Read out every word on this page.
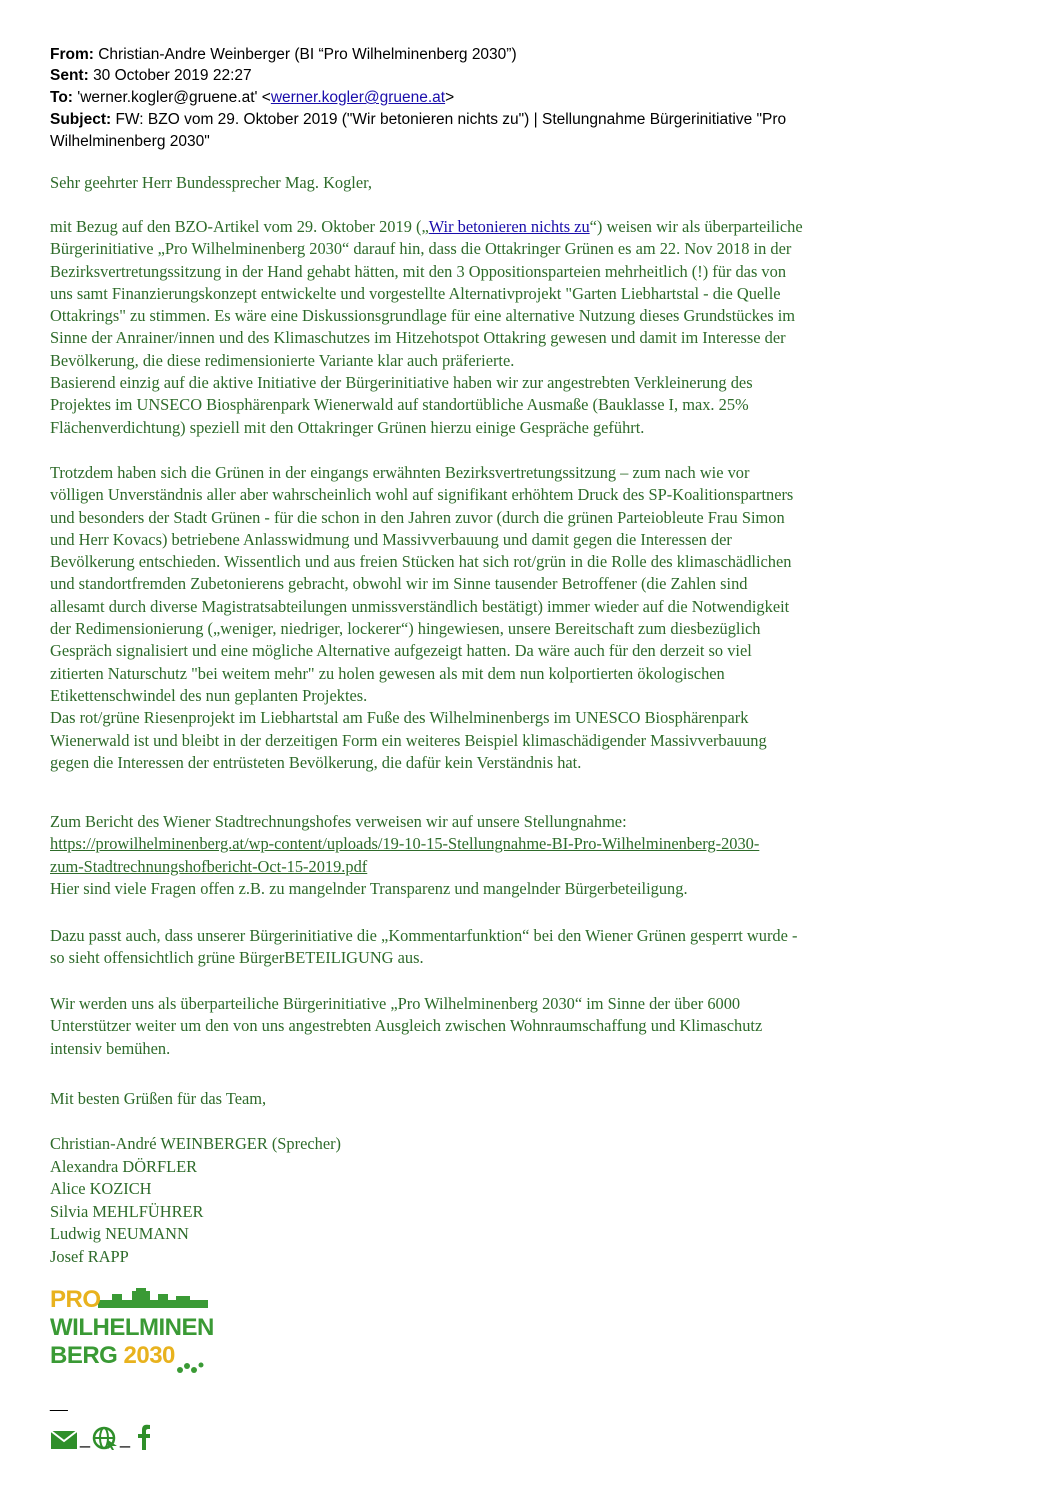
From: Christian-Andre Weinberger (BI “Pro Wilhelminenberg 2030”)
Sent: 30 October 2019 22:27
To: 'werner.kogler@gruene.at' <werner.kogler@gruene.at>
Subject: FW: BZO vom 29. Oktober 2019 ("Wir betonieren nichts zu") | Stellungnahme Bürgerinitiative "Pro
Wilhelminenberg 2030"

Sehr geehrter Herr Bundessprecher Mag. Kogler,

mit Bezug auf den BZO-Artikel vom 29. Oktober 2019 („Wir betonieren nichts zu“) weisen wir als überparteiliche

Bürgerinitiative „Pro Wilhelminenberg 2030“ darauf hin, dass die Ottakringer Grünen es am 22. Nov 2018 in der

Bezirksvertretungssitzung in der Hand gehabt hätten, mit den 3 Oppositionsparteien mehrheitlich (!) für das von

uns samt Finanzierungskonzept entwickelte und vorgestellte Alternativprojekt "Garten Liebhartstal - die Quelle

Ottakrings" zu stimmen. Es wäre eine Diskussionsgrundlage für eine alternative Nutzung dieses Grundstückes im

Sinne der Anrainer/innen und des Klimaschutzes im Hitzehotspot Ottakring gewesen und damit im Interesse der

Bevölkerung, die diese redimensionierte Variante klar auch präferierte.

Basierend einzig auf die aktive Initiative der Bürgerinitiative haben wir zur angestrebten Verkleinerung des

Projektes im UNSECO Biosphärenpark Wienerwald auf standortübliche Ausmaße (Bauklasse I, max. 25%

Flächenverdichtung) speziell mit den Ottakringer Grünen hierzu einige Gespräche geführt.

Trotzdem haben sich die Grünen in der eingangs erwähnten Bezirksvertretungssitzung – zum nach wie vor

völligen Unverständnis aller aber wahrscheinlich wohl auf signifikant erhöhtem Druck des SP-Koalitionspartners

und besonders der Stadt Grünen - für die schon in den Jahren zuvor (durch die grünen Parteiobleute Frau Simon

und Herr Kovacs) betriebene Anlasswidmung und Massivverbauung und damit gegen die Interessen der

Bevölkerung entschieden. Wissentlich und aus freien Stücken hat sich rot/grün in die Rolle des klimaschädlichen

und standortfremden Zubetonierens gebracht, obwohl wir im Sinne tausender Betroffener (die Zahlen sind

allesamt durch diverse Magistratsabteilungen unmissverständlich bestätigt) immer wieder auf die Notwendigkeit

der Redimensionierung („weniger, niedriger, lockerer“) hingewiesen, unsere Bereitschaft zum diesbezüglich

Gespräch signalisiert und eine mögliche Alternative aufgezeigt hatten. Da wäre auch für den derzeit so viel

zitierten Naturschutz "bei weitem mehr" zu holen gewesen als mit dem nun kolportierten ökologischen

Etikettenschwindel des nun geplanten Projektes.

Das rot/grüne Riesenprojekt im Liebhartstal am Fuße des Wilhelminenbergs im UNESCO Biosphärenpark

Wienerwald ist und bleibt in der derzeitigen Form ein weiteres Beispiel klimaschädigender Massivverbauung

gegen die Interessen der entrüsteten Bevölkerung, die dafür kein Verständnis hat.

Zum Bericht des Wiener Stadtrechnungshofes verweisen wir auf unsere Stellungnahme:

https://prowilhelminenberg.at/wp-content/uploads/19-10-15-Stellungnahme-BI-Pro-Wilhelminenberg-2030-

zum-Stadtrechnungshofbericht-Oct-15-2019.pdf

Hier sind viele Fragen offen z.B. zu mangelnder Transparenz und mangelnder Bürgerbeteiligung.

Dazu passt auch, dass unserer Bürgerinitiative die „Kommentarfunktion“ bei den Wiener Grünen gesperrt wurde -

so sieht offensichtlich grüne BürgerBETEILIGUNG aus.

Wir werden uns als überparteiliche Bürgerinitiative „Pro Wilhelminenberg 2030“ im Sinne der über 6000

Unterstützer weiter um den von uns angestrebten Ausgleich zwischen Wohnraumschaffung und Klimaschutz

intensiv bemühen.

Mit besten Grüßen für das Team,

Christian-André WEINBERGER (Sprecher)
Alexandra DÖRFLER
Alice KOZICH
Silvia MEHLFÜHRER
Ludwig NEUMANN
Josef RAPP
PRO
WILHELMINEN
BERG 2030
__
_ _
